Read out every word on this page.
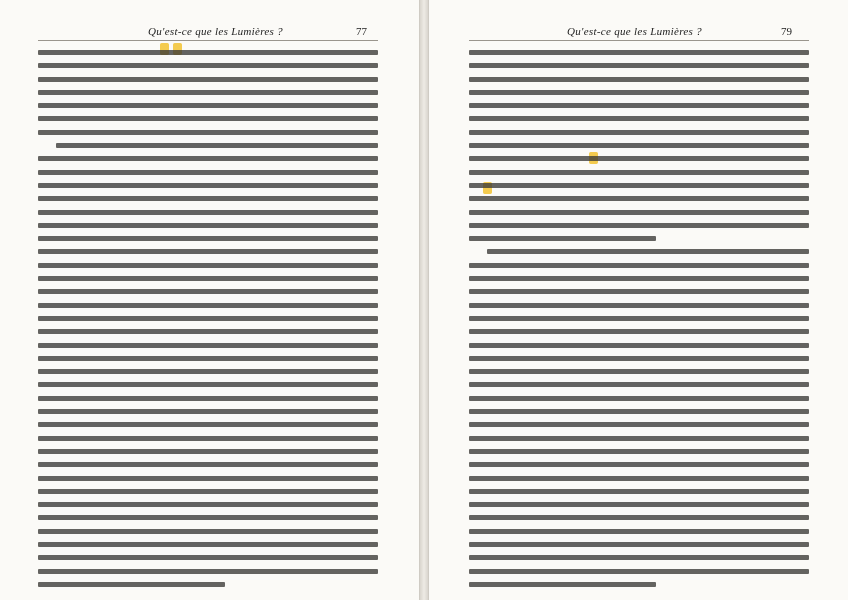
Qu'est-ce que les Lumières ?	77	Qu'est-ce que les Lumières ?	79
